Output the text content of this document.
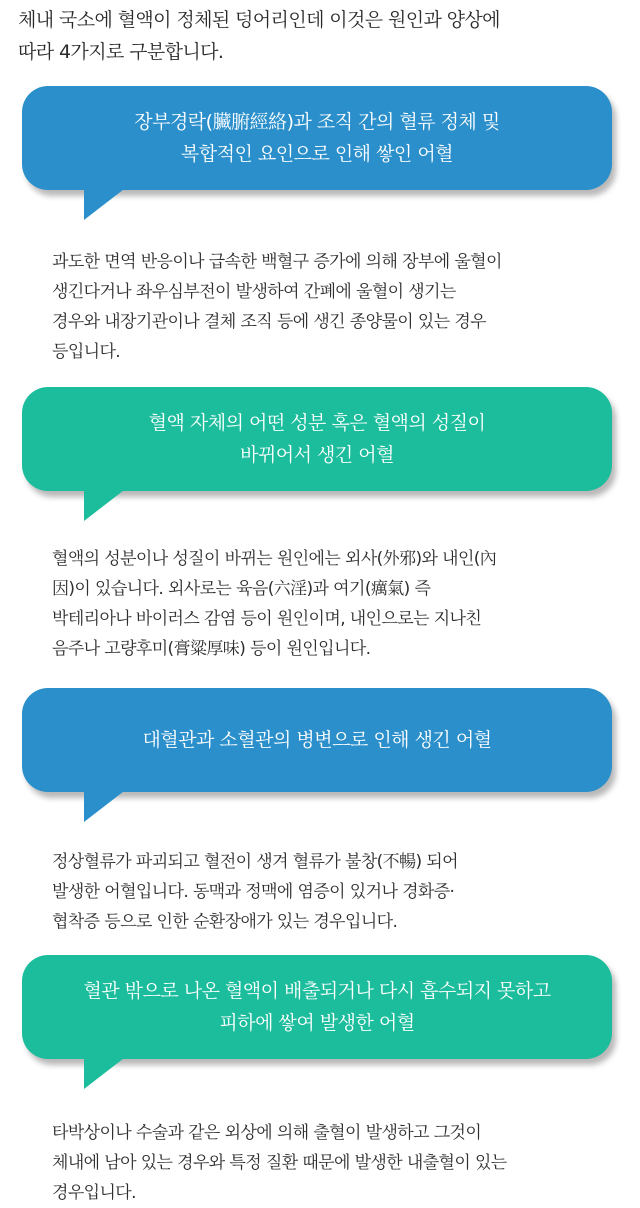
체내 국소에 혈액이 정체된 덩어리인데 이것은 원인과 양상에
따라 4가지로 구분합니다.
장부경락(臟腑經絡)과 조직 간의 혈류 정체 및
복합적인 요인으로 인해 쌓인 어혈
과도한 면역 반응이나 급속한 백혈구 증가에 의해 장부에 울혈이
생긴다거나 좌우심부전이 발생하여 간폐에 울혈이 생기는
경우와 내장기관이나 결체 조직 등에 생긴 종양물이 있는 경우
등입니다.
혈액 자체의 어떤 성분 혹은 혈액의 성질이
바뀌어서 생긴 어혈
혈액의 성분이나 성질이 바뀌는 원인에는 외사(外邪)와 내인(內
因)이 있습니다. 외사로는 육음(六淫)과 여기(癘氣) 즉
박테리아나 바이러스 감염 등이 원인이며, 내인으로는 지나친
음주나 고량후미(膏粱厚味) 등이 원인입니다.
대혈관과 소혈관의 병변으로 인해 생긴 어혈
정상혈류가 파괴되고 혈전이 생겨 혈류가 불창(不暢) 되어
발생한 어혈입니다. 동맥과 정맥에 염증이 있거나 경화증·
협착증 등으로 인한 순환장애가 있는 경우입니다.
혈관 밖으로 나온 혈액이 배출되거나 다시 흡수되지 못하고
피하에 쌓여 발생한 어혈
타박상이나 수술과 같은 외상에 의해 출혈이 발생하고 그것이
체내에 남아 있는 경우와 특정 질환 때문에 발생한 내출혈이 있는
경우입니다.
